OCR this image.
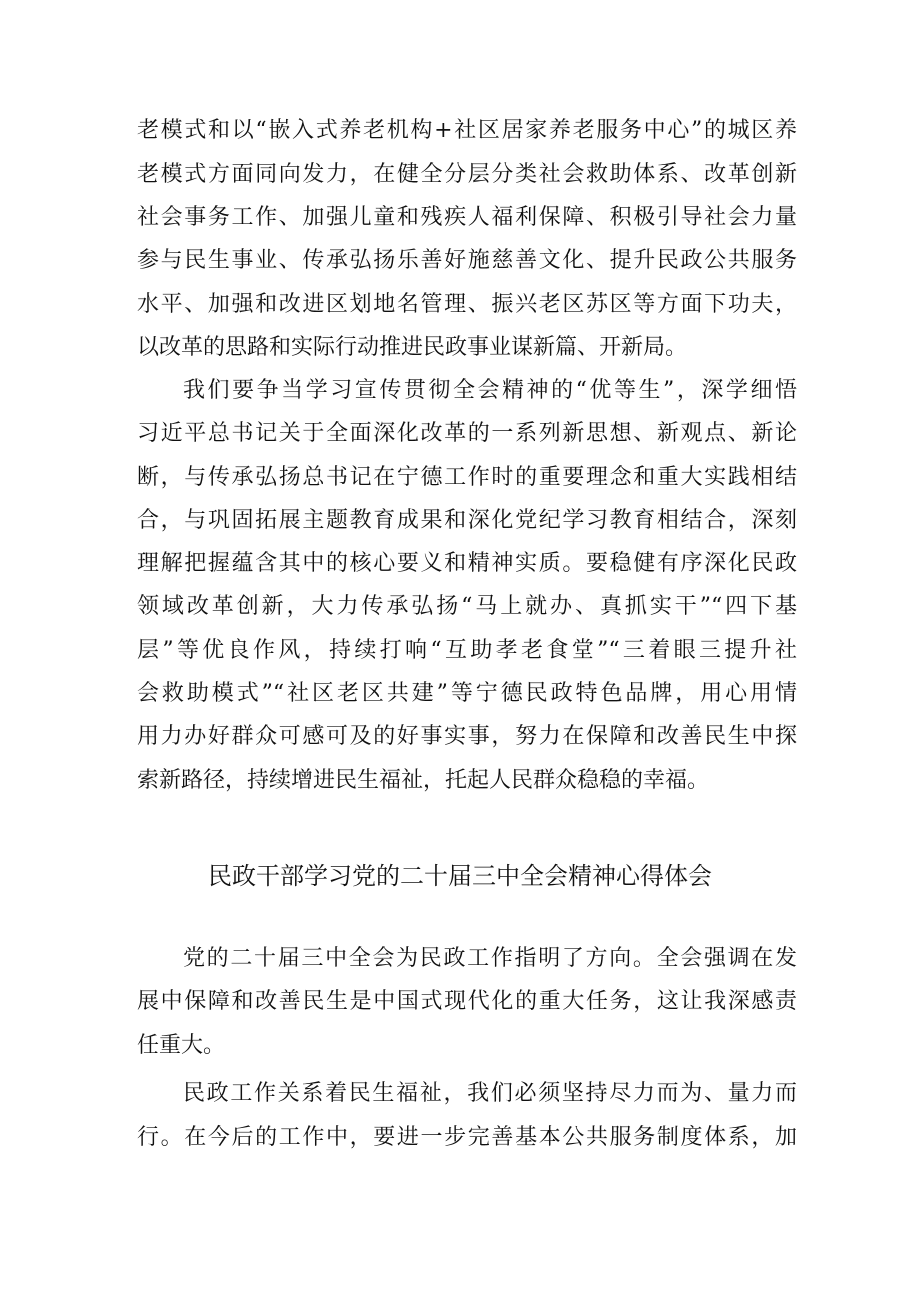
老模式和以“嵌入式养老机构+社区居家养老服务中心”的城区养
老模式方面同向发力，在健全分层分类社会救助体系、改革创新
社会事务工作、加强儿童和残疾人福利保障、积极引导社会力量
参与民生事业、传承弘扬乐善好施慈善文化、提升民政公共服务
水平、加强和改进区划地名管理、振兴老区苏区等方面下功夫，
以改革的思路和实际行动推进民政事业谋新篇、开新局。
我们要争当学习宣传贯彻全会精神的“优等生”，深学细悟
习近平总书记关于全面深化改革的一系列新思想、新观点、新论
断，与传承弘扬总书记在宁德工作时的重要理念和重大实践相结
合，与巩固拓展主题教育成果和深化党纪学习教育相结合，深刻
理解把握蕴含其中的核心要义和精神实质。要稳健有序深化民政
领域改革创新，大力传承弘扬“马上就办、真抓实干”“四下基
层”等优良作风，持续打响“互助孝老食堂”“三着眼三提升社
会救助模式”“社区老区共建”等宁德民政特色品牌，用心用情
用力办好群众可感可及的好事实事，努力在保障和改善民生中探
索新路径，持续增进民生福祉，托起人民群众稳稳的幸福。
民政干部学习党的二十届三中全会精神心得体会
党的二十届三中全会为民政工作指明了方向。全会强调在发
展中保障和改善民生是中国式现代化的重大任务，这让我深感责
任重大。
民政工作关系着民生福祉，我们必须坚持尽力而为、量力而
行。在今后的工作中，要进一步完善基本公共服务制度体系，加
